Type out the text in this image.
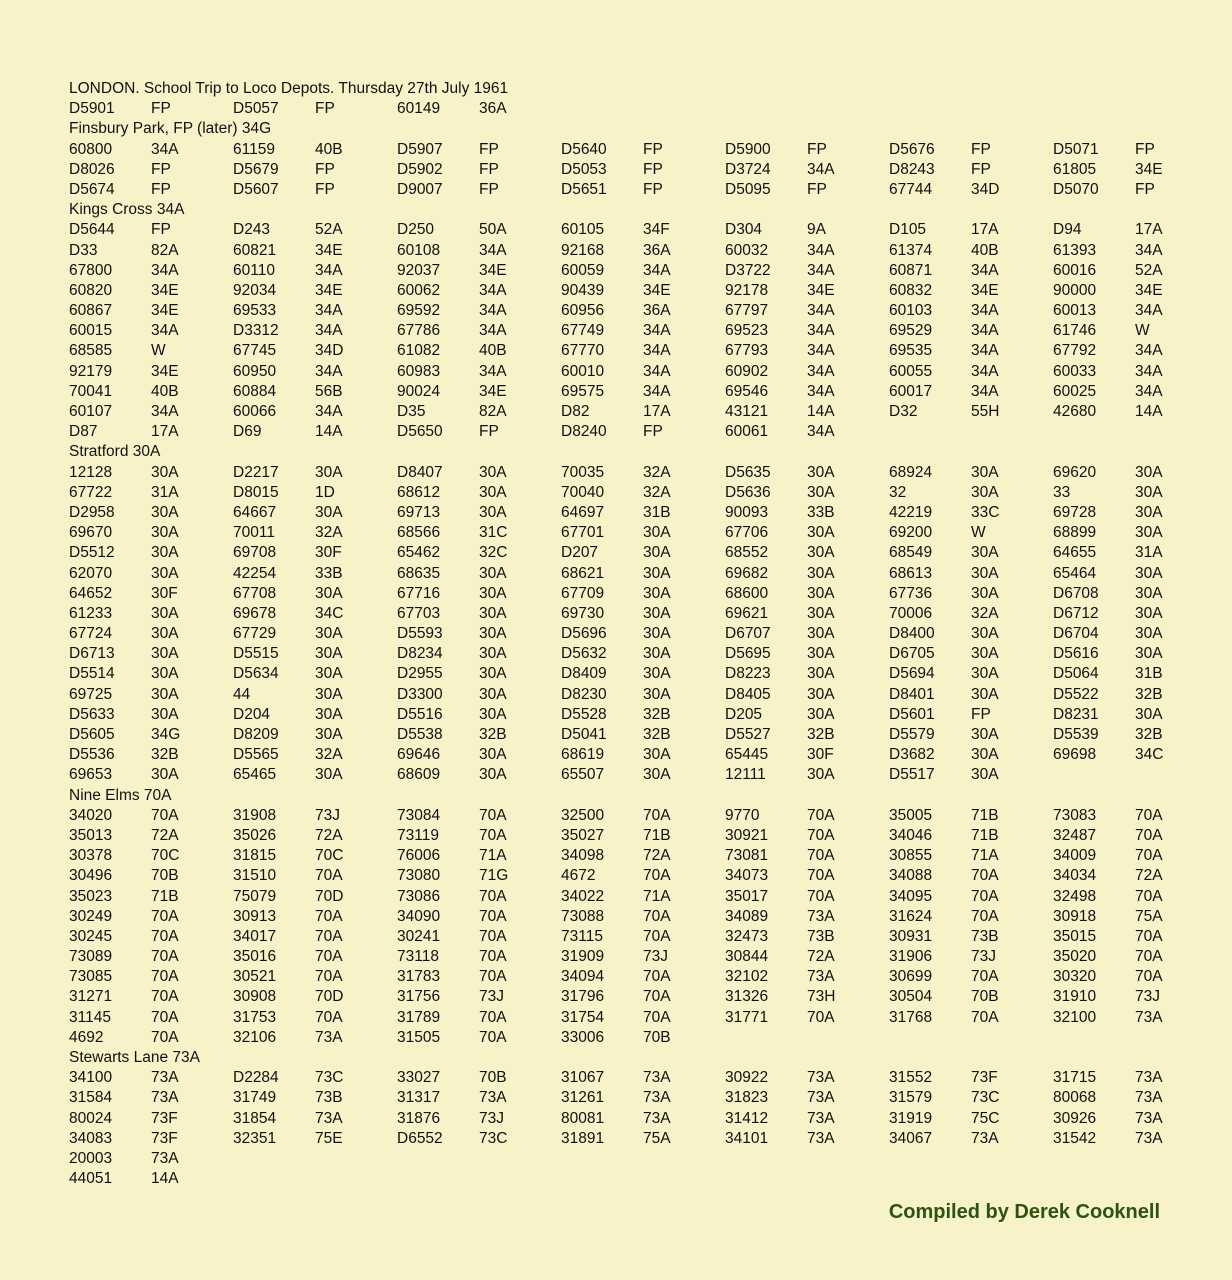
LONDON. School Trip to Loco Depots. Thursday 27th July 1961
D5901 FP	D5057 FP	60149	36A
Finsbury Park, FP (later) 34G
60800	34A	61159	40B	D5907 FP	D5640 FP	D5900 FP	D5676 FP	D5071 FP
D8026 FP	D5679 FP	D5902 FP	D5053 FP	D3724 34A	D8243 FP	61805	34E
D5674 FP	D5607 FP	D9007 FP	D5651 FP	D5095 FP	67744	34D	D5070 FP
Kings Cross 34A
D5644 FP	D243	52A	D250	50A	60105	34F	D304	9A	D105	17A	D94	17A
D33	82A	60821	34E	60108	34A	92168	36A	60032	34A	61374	40B	61393	34A
67800	34A	60110	34A	92037	34E	60059	34A	D3722 34A	60871	34A	60016	52A
60820	34E	92034	34E	60062	34A	90439	34E	92178	34E	60832	34E	90000	34E
60867	34E	69533	34A	69592	34A	60956	36A	67797	34A	60103	34A	60013	34A
60015	34A	D3312 34A	67786	34A	67749	34A	69523	34A	69529	34A	61746	W
68585	W	67745	34D	61082	40B	67770	34A	67793	34A	69535	34A	67792	34A
92179	34E	60950	34A	60983	34A	60010	34A	60902	34A	60055	34A	60033	34A
70041	40B	60884	56B	90024	34E	69575	34A	69546	34A	60017	34A	60025	34A
60107	34A	60066	34A	D35	82A	D82	17A	43121	14A	D32	55H	42680	14A
D87	17A	D69	14A	D5650 FP	D8240 FP	60061	34A
Stratford 30A
12128	30A	D2217 30A	D8407 30A	70035	32A	D5635 30A	68924	30A	69620	30A
67722	31A	D8015 1D	68612	30A	70040	32A	D5636 30A	32	30A	33	30A
D2958 30A	64667	30A	69713	30A	64697	31B	90093	33B	42219	33C	69728	30A
69670	30A	70011	32A	68566	31C	67701	30A	67706	30A	69200	W	68899	30A
D5512 30A	69708	30F	65462	32C	D207	30A	68552	30A	68549	30A	64655	31A
62070	30A	42254	33B	68635	30A	68621	30A	69682	30A	68613	30A	65464	30A
64652	30F	67708	30A	67716	30A	67709	30A	68600	30A	67736	30A	D6708 30A
61233	30A	69678	34C	67703	30A	69730	30A	69621	30A	70006	32A	D6712 30A
67724	30A	67729	30A	D5593 30A	D5696 30A	D6707 30A	D8400 30A	D6704 30A
D6713 30A	D5515 30A	D8234 30A	D5632 30A	D5695 30A	D6705 30A	D5616 30A
D5514 30A	D5634 30A	D2955 30A	D8409 30A	D8223 30A	D5694 30A	D5064 31B
69725	30A	44	30A	D3300 30A	D8230 30A	D8405 30A	D8401 30A	D5522 32B
D5633 30A	D204	30A	D5516 30A	D5528 32B	D205	30A	D5601 FP	D8231 30A
D5605 34G	D8209 30A	D5538 32B	D5041 32B	D5527 32B	D5579 30A	D5539 32B
D5536 32B	D5565 32A	69646	30A	68619	30A	65445	30F	D3682 30A	69698	34C
69653	30A	65465	30A	68609	30A	65507	30A	12111	30A	D5517 30A
Nine Elms 70A
34020	70A	31908	73J	73084	70A	32500	70A	9770	70A	35005	71B	73083	70A
35013	72A	35026	72A	73119	70A	35027	71B	30921	70A	34046	71B	32487	70A
30378	70C	31815	70C	76006	71A	34098	72A	73081	70A	30855	71A	34009	70A
30496	70B	31510	70A	73080	71G	4672	70A	34073	70A	34088	70A	34034	72A
35023	71B	75079	70D	73086	70A	34022	71A	35017	70A	34095	70A	32498	70A
30249	70A	30913	70A	34090	70A	73088	70A	34089	73A	31624	70A	30918	75A
30245	70A	34017	70A	30241	70A	73115	70A	32473	73B	30931	73B	35015	70A
73089	70A	35016	70A	73118	70A	31909	73J	30844	72A	31906	73J	35020	70A
73085	70A	30521	70A	31783	70A	34094	70A	32102	73A	30699	70A	30320	70A
31271	70A	30908	70D	31756	73J	31796	70A	31326	73H	30504	70B	31910	73J
31145	70A	31753	70A	31789	70A	31754	70A	31771	70A	31768	70A	32100	73A
4692	70A	32106	73A	31505	70A	33006	70B
Stewarts Lane 73A
34100	73A	D2284 73C	33027	70B	31067	73A	30922	73A	31552	73F	31715	73A
31584	73A	31749	73B	31317	73A	31261	73A	31823	73A	31579	73C	80068	73A
80024	73F	31854	73A	31876	73J	80081	73A	31412	73A	31919	75C	30926	73A
34083	73F	32351	75E	D6552 73C	31891	75A	34101	73A	34067	73A	31542	73A
20003	73A
44051	14A
Compiled by Derek Cooknell
